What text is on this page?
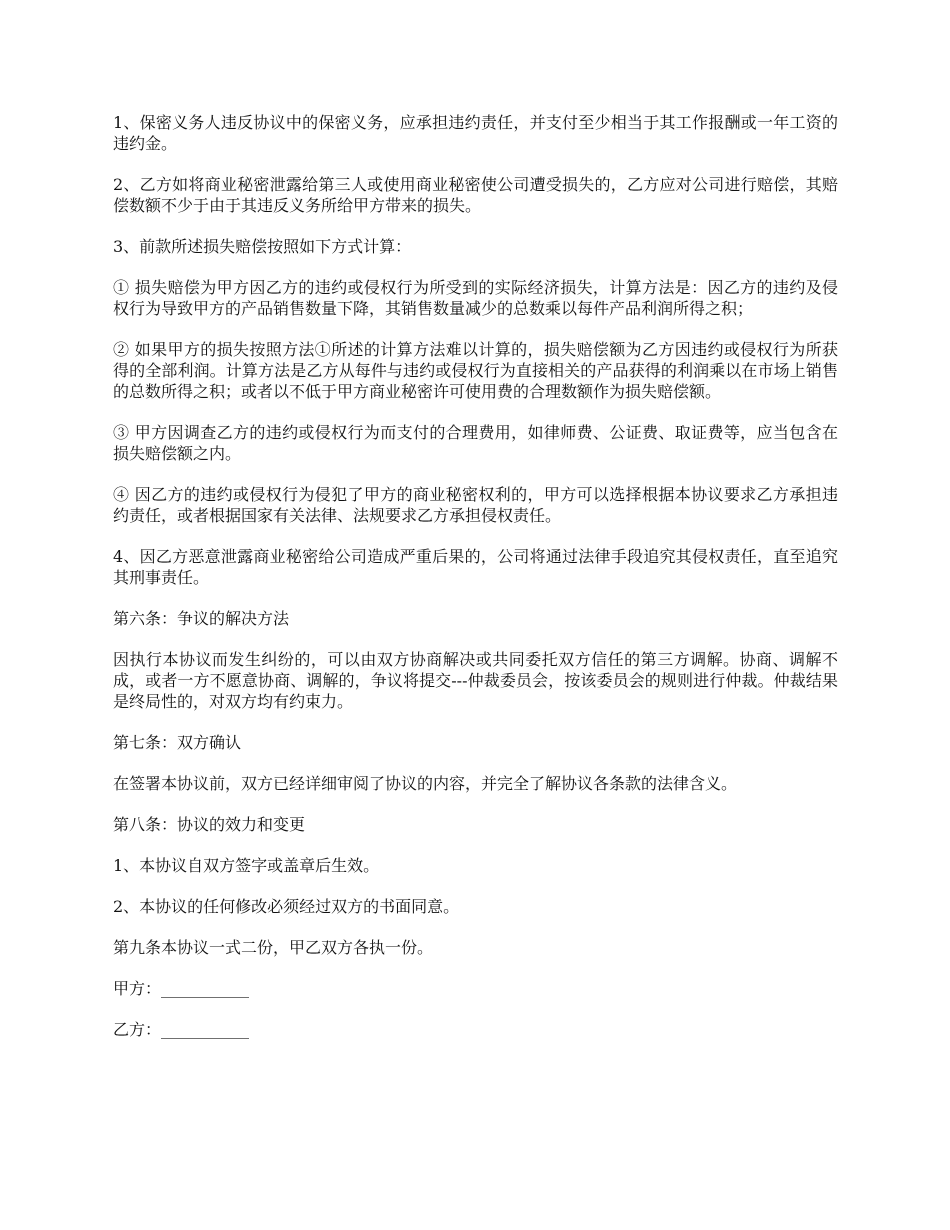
1、保密义务人违反协议中的保密义务，应承担违约责任，并支付至少相当于其工作报酬或一年工资的违约金。

2、乙方如将商业秘密泄露给第三人或使用商业秘密使公司遭受损失的，乙方应对公司进行赔偿，其赔偿数额不少于由于其违反义务所给甲方带来的损失。

3、前款所述损失赔偿按照如下方式计算：

① 损失赔偿为甲方因乙方的违约或侵权行为所受到的实际经济损失，计算方法是：因乙方的违约及侵权行为导致甲方的产品销售数量下降，其销售数量减少的总数乘以每件产品利润所得之积；

② 如果甲方的损失按照方法①所述的计算方法难以计算的，损失赔偿额为乙方因违约或侵权行为所获得的全部利润。计算方法是乙方从每件与违约或侵权行为直接相关的产品获得的利润乘以在市场上销售的总数所得之积；或者以不低于甲方商业秘密许可使用费的合理数额作为损失赔偿额。

③ 甲方因调查乙方的违约或侵权行为而支付的合理费用，如律师费、公证费、取证费等，应当包含在损失赔偿额之内。

④ 因乙方的违约或侵权行为侵犯了甲方的商业秘密权利的，甲方可以选择根据本协议要求乙方承担违约责任，或者根据国家有关法律、法规要求乙方承担侵权责任。

4、因乙方恶意泄露商业秘密给公司造成严重后果的，公司将通过法律手段追究其侵权责任，直至追究其刑事责任。

第六条：争议的解决方法

因执行本协议而发生纠纷的，可以由双方协商解决或共同委托双方信任的第三方调解。协商、调解不成，或者一方不愿意协商、调解的，争议将提交---仲裁委员会，按该委员会的规则进行仲裁。仲裁结果是终局性的，对双方均有约束力。

第七条：双方确认

在签署本协议前，双方已经详细审阅了协议的内容，并完全了解协议各条款的法律含义。

第八条：协议的效力和变更

1、本协议自双方签字或盖章后生效。

2、本协议的任何修改必须经过双方的书面同意。

第九条本协议一式二份，甲乙双方各执一份。

甲方：___________

乙方：___________
